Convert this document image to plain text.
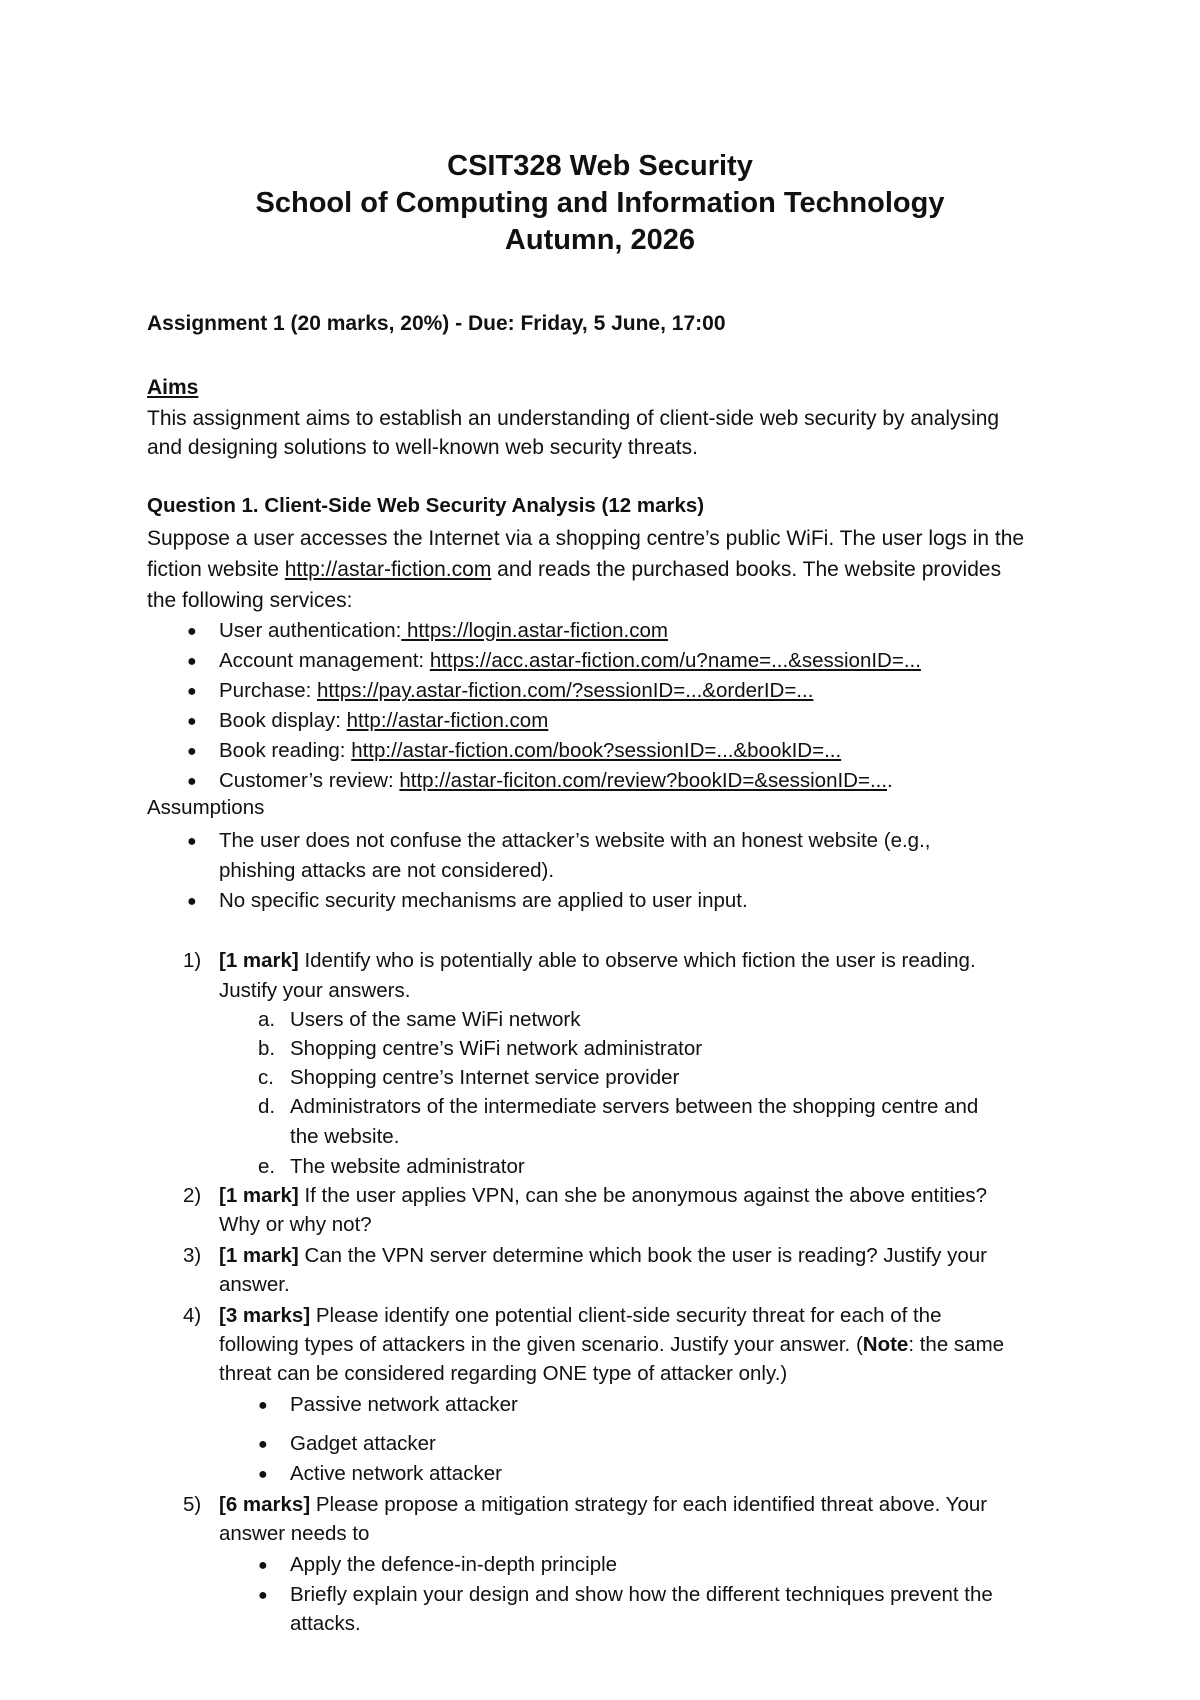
CSIT328 Web Security
School of Computing and Information Technology
Autumn, 2026
Assignment 1 (20 marks, 20%) - Due: Friday, 5 June, 17:00
Aims
This assignment aims to establish an understanding of client-side web security by analysing
and designing solutions to well-known web security threats.
Question 1. Client-Side Web Security Analysis (12 marks)
Suppose a user accesses the Internet via a shopping centre’s public WiFi. The user logs in the
fiction website http://astar-fiction.com and reads the purchased books. The website provides
the following services:
● User authentication: https://login.astar-fiction.com
● Account management: https://acc.astar-fiction.com/u?name=...&sessionID=...
● Purchase: https://pay.astar-fiction.com/?sessionID=...&orderID=...
● Book display: http://astar-fiction.com
● Book reading: http://astar-fiction.com/book?sessionID=...&bookID=...
● Customer’s review: http://astar-ficiton.com/review?bookID=&sessionID=....
Assumptions
● The user does not confuse the attacker’s website with an honest website (e.g.,
phishing attacks are not considered).
● No specific security mechanisms are applied to user input.
1) [1 mark] Identify who is potentially able to observe which fiction the user is reading.
Justify your answers.
a. Users of the same WiFi network
b. Shopping centre’s WiFi network administrator
c. Shopping centre’s Internet service provider
d. Administrators of the intermediate servers between the shopping centre and
the website.
e. The website administrator
2) [1 mark] If the user applies VPN, can she be anonymous against the above entities?
Why or why not?
3) [1 mark] Can the VPN server determine which book the user is reading? Justify your
answer.
4) [3 marks] Please identify one potential client-side security threat for each of the
following types of attackers in the given scenario. Justify your answer. (Note: the same
threat can be considered regarding ONE type of attacker only.)
● Passive network attacker
● Gadget attacker
● Active network attacker
5) [6 marks] Please propose a mitigation strategy for each identified threat above. Your
answer needs to
● Apply the defence-in-depth principle
● Briefly explain your design and show how the different techniques prevent the
attacks.
